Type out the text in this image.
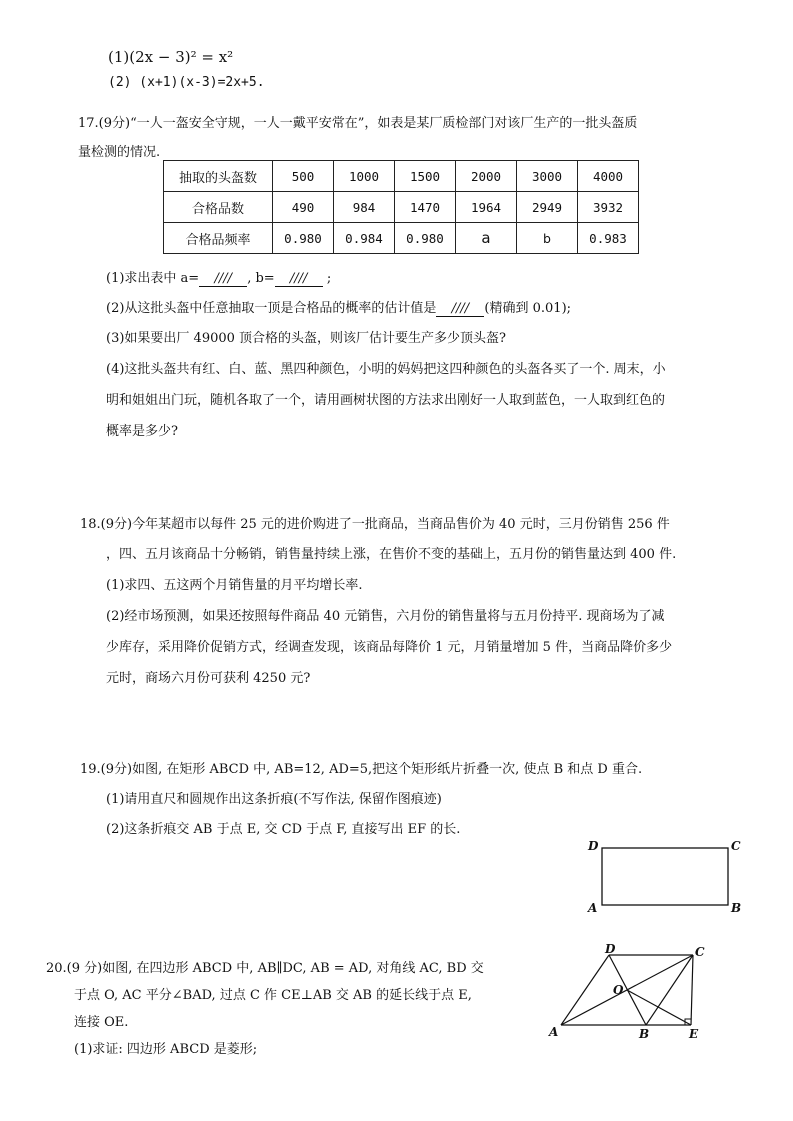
(1)(2x − 3)² = x²
(2) (x+1)(x-3)=2x+5.
17.(9分)“一人一盔安全守规，一人一戴平安常在”，如表是某厂质检部门对该厂生产的一批头盔质
量检测的情况.
抽取的头盔数	500	1000	1500	2000	3000	4000
合格品数	490	984	1470	1964	2949	3932
合格品频率	0.980	0.984	0.980	a	b	0.983
(1)求出表中 a= //// , b= //// ;
(2)从这批头盔中任意抽取一顶是合格品的概率的估计值是 //// (精确到 0.01);
(3)如果要出厂 49000 顶合格的头盔，则该厂估计要生产多少顶头盔?
(4)这批头盔共有红、白、蓝、黑四种颜色，小明的妈妈把这四种颜色的头盔各买了一个. 周末，小
明和姐姐出门玩，随机各取了一个，请用画树状图的方法求出刚好一人取到蓝色，一人取到红色的
概率是多少?
18.(9分)今年某超市以每件 25 元的进价购进了一批商品，当商品售价为 40 元时，三月份销售 256 件
，四、五月该商品十分畅销，销售量持续上涨，在售价不变的基础上，五月份的销售量达到 400 件.
(1)求四、五这两个月销售量的月平均增长率.
(2)经市场预测，如果还按照每件商品 40 元销售，六月份的销售量将与五月份持平. 现商场为了减
少库存，采用降价促销方式，经调查发现，该商品每降价 1 元，月销量增加 5 件，当商品降价多少
元时，商场六月份可获利 4250 元?
19.(9分)如图, 在矩形 ABCD 中, AB=12, AD=5,把这个矩形纸片折叠一次, 使点 B 和点 D 重合.
(1)请用直尺和圆规作出这条折痕(不写作法, 保留作图痕迹)
(2)这条折痕交 AB 于点 E, 交 CD 于点 F, 直接写出 EF 的长.
D	C
A	B
20.(9 分)如图, 在四边形 ABCD 中, AB∥DC, AB = AD, 对角线 AC, BD 交
于点 O, AC 平分∠BAD, 过点 C 作 CE⊥AB 交 AB 的延长线于点 E,
连接 OE.
(1)求证: 四边形 ABCD 是菱形;
A	B	E
C
D
O
